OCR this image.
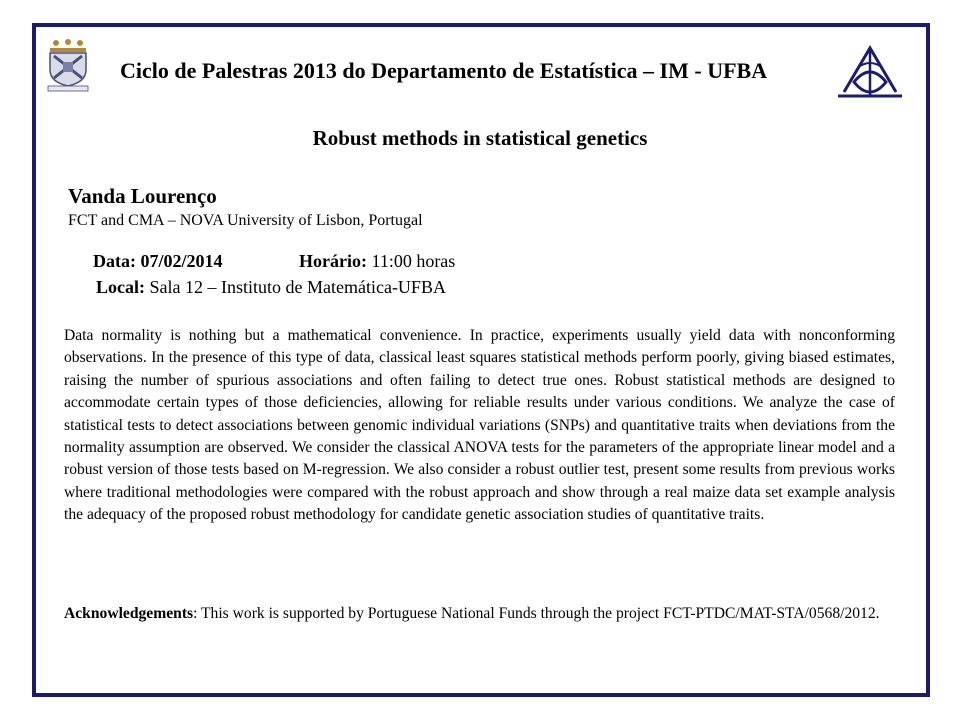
Ciclo de Palestras 2013 do Departamento de Estatística – IM - UFBA
Robust methods in statistical genetics
Vanda Lourenço
FCT and CMA – NOVA University of Lisbon, Portugal
Data: 07/02/2014	Horário: 11:00 horas
Local: Sala 12 – Instituto de Matemática-UFBA
Data normality is nothing but a mathematical convenience. In practice, experiments usually yield data with nonconforming observations. In the presence of this type of data, classical least squares statistical methods perform poorly, giving biased estimates, raising the number of spurious associations and often failing to detect true ones. Robust statistical methods are designed to accommodate certain types of those deficiencies, allowing for reliable results under various conditions. We analyze the case of statistical tests to detect associations between genomic individual variations (SNPs) and quantitative traits when deviations from the normality assumption are observed. We consider the classical ANOVA tests for the parameters of the appropriate linear model and a robust version of those tests based on M-regression. We also consider a robust outlier test, present some results from previous works where traditional methodologies were compared with the robust approach and show through a real maize data set example analysis the adequacy of the proposed robust methodology for candidate genetic association studies of quantitative traits.
Acknowledgements: This work is supported by Portuguese National Funds through the project FCT-PTDC/MAT-STA/0568/2012.
